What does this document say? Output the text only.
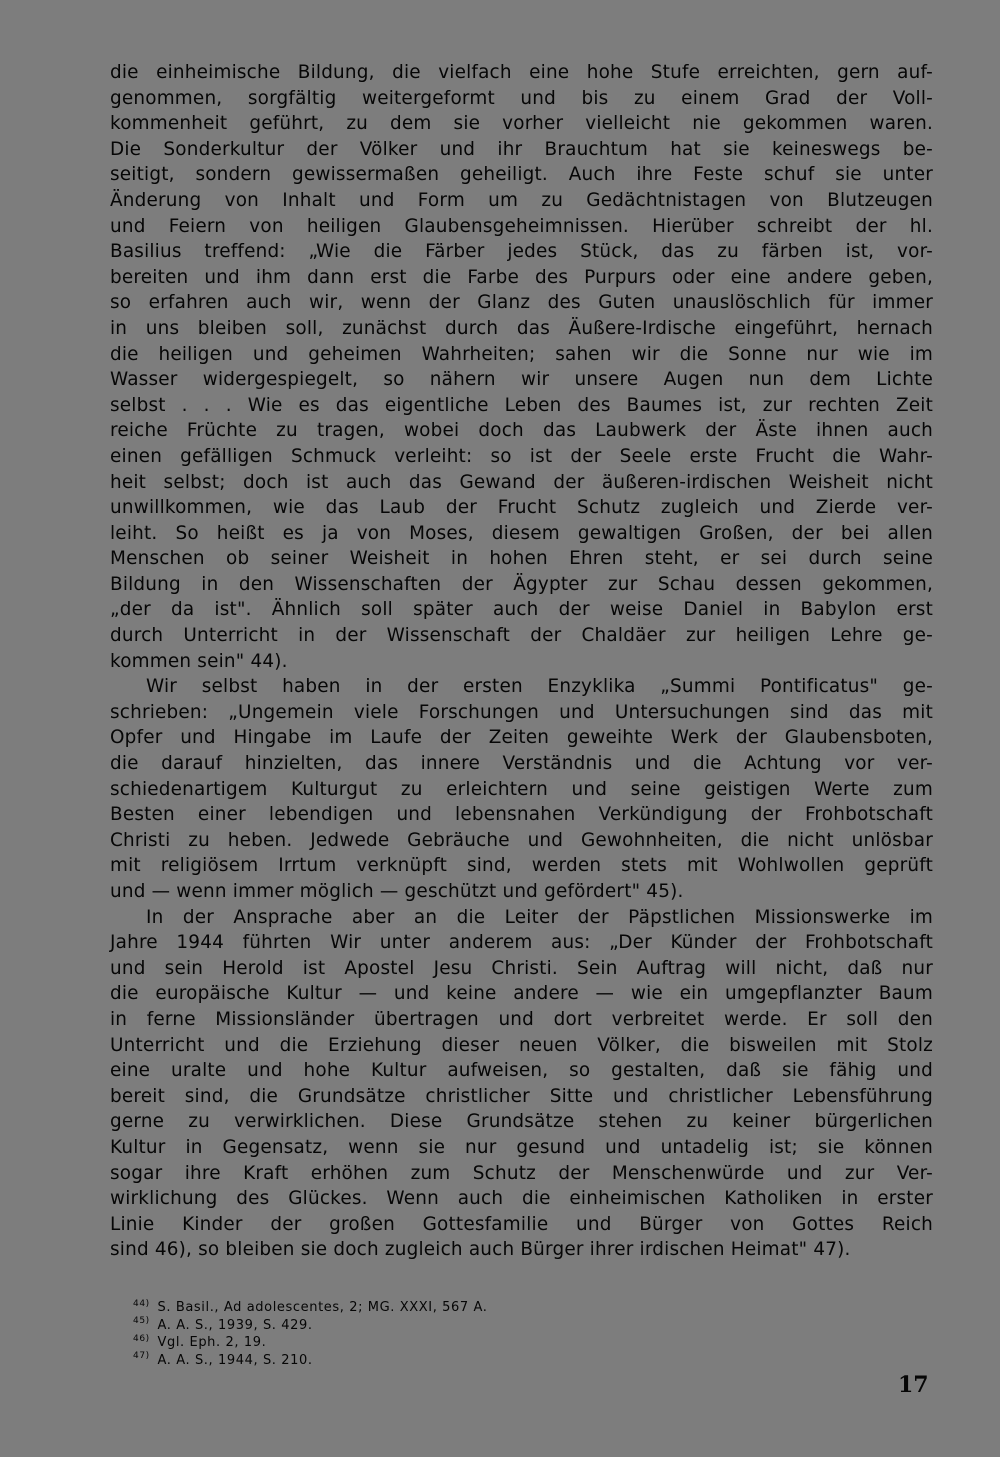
die einheimische Bildung, die vielfach eine hohe Stufe erreichten, gern auf-
genommen, sorgfältig weitergeformt und bis zu einem Grad der Voll-
kommenheit geführt, zu dem sie vorher vielleicht nie gekommen waren.
Die Sonderkultur der Völker und ihr Brauchtum hat sie keineswegs be-
seitigt, sondern gewissermaßen geheiligt. Auch ihre Feste schuf sie unter
Änderung von Inhalt und Form um zu Gedächtnistagen von Blutzeugen
und Feiern von heiligen Glaubensgeheimnissen. Hierüber schreibt der hl.
Basilius treffend: „Wie die Färber jedes Stück, das zu färben ist, vor-
bereiten und ihm dann erst die Farbe des Purpurs oder eine andere geben,
so erfahren auch wir, wenn der Glanz des Guten unauslöschlich für immer
in uns bleiben soll, zunächst durch das Äußere-Irdische eingeführt, hernach
die heiligen und geheimen Wahrheiten; sahen wir die Sonne nur wie im
Wasser widergespiegelt, so nähern wir unsere Augen nun dem Lichte
selbst . . . Wie es das eigentliche Leben des Baumes ist, zur rechten Zeit
reiche Früchte zu tragen, wobei doch das Laubwerk der Äste ihnen auch
einen gefälligen Schmuck verleiht: so ist der Seele erste Frucht die Wahr-
heit selbst; doch ist auch das Gewand der äußeren-irdischen Weisheit nicht
unwillkommen, wie das Laub der Frucht Schutz zugleich und Zierde ver-
leiht. So heißt es ja von Moses, diesem gewaltigen Großen, der bei allen
Menschen ob seiner Weisheit in hohen Ehren steht, er sei durch seine
Bildung in den Wissenschaften der Ägypter zur Schau dessen gekommen,
„der da ist". Ähnlich soll später auch der weise Daniel in Babylon erst
durch Unterricht in der Wissenschaft der Chaldäer zur heiligen Lehre ge-
kommen sein" 44).
Wir selbst haben in der ersten Enzyklika „Summi Pontificatus" ge-
schrieben: „Ungemein viele Forschungen und Untersuchungen sind das mit
Opfer und Hingabe im Laufe der Zeiten geweihte Werk der Glaubensboten,
die darauf hinzielten, das innere Verständnis und die Achtung vor ver-
schiedenartigem Kulturgut zu erleichtern und seine geistigen Werte zum
Besten einer lebendigen und lebensnahen Verkündigung der Frohbotschaft
Christi zu heben. Jedwede Gebräuche und Gewohnheiten, die nicht unlösbar
mit religiösem Irrtum verknüpft sind, werden stets mit Wohlwollen geprüft
und — wenn immer möglich — geschützt und gefördert" 45).
In der Ansprache aber an die Leiter der Päpstlichen Missionswerke im
Jahre 1944 führten Wir unter anderem aus: „Der Künder der Frohbotschaft
und sein Herold ist Apostel Jesu Christi. Sein Auftrag will nicht, daß nur
die europäische Kultur — und keine andere — wie ein umgepflanzter Baum
in ferne Missionsländer übertragen und dort verbreitet werde. Er soll den
Unterricht und die Erziehung dieser neuen Völker, die bisweilen mit Stolz
eine uralte und hohe Kultur aufweisen, so gestalten, daß sie fähig und
bereit sind, die Grundsätze christlicher Sitte und christlicher Lebensführung
gerne zu verwirklichen. Diese Grundsätze stehen zu keiner bürgerlichen
Kultur in Gegensatz, wenn sie nur gesund und untadelig ist; sie können
sogar ihre Kraft erhöhen zum Schutz der Menschenwürde und zur Ver-
wirklichung des Glückes. Wenn auch die einheimischen Katholiken in erster
Linie Kinder der großen Gottesfamilie und Bürger von Gottes Reich
sind 46), so bleiben sie doch zugleich auch Bürger ihrer irdischen Heimat" 47).
$^{44)}$ S. Basil., Ad adolescentes, 2; MG. XXXI, 567 A.
$^{45)}$ A. A. S., 1939, S. 429.
$^{46)}$ Vgl. Eph. 2, 19.
$^{47)}$ A. A. S., 1944, S. 210.
17
